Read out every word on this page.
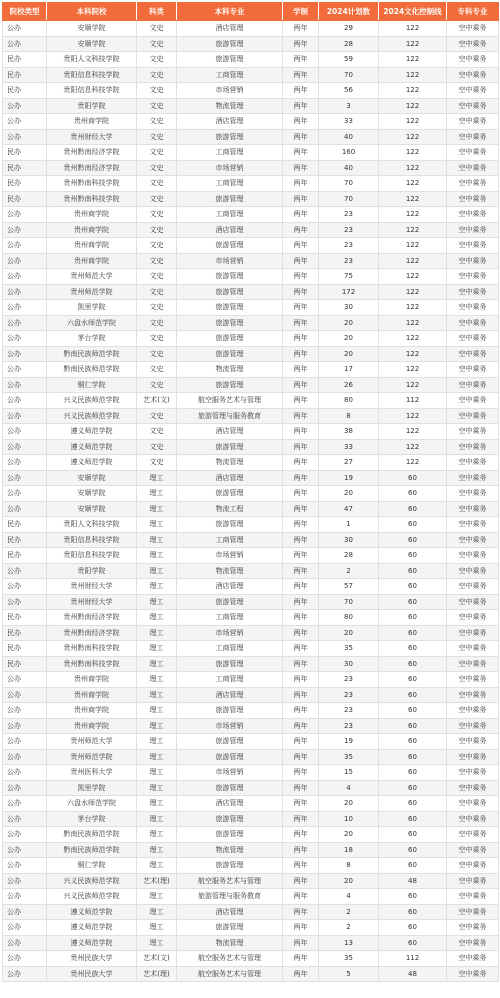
院校类型	本科院校	科类	本科专业	学制	2024计划数	2024文化控制线	专科专业
公办	安顺学院	文史	酒店管理	两年	29	122	空中乘务
公办	安顺学院	文史	旅游管理	两年	28	122	空中乘务
民办	贵阳人文科技学院	文史	旅游管理	两年	59	122	空中乘务
民办	贵阳信息科技学院	文史	工商管理	两年	70	122	空中乘务
民办	贵阳信息科技学院	文史	市场营销	两年	56	122	空中乘务
公办	贵阳学院	文史	物流管理	两年	3	122	空中乘务
公办	贵州商学院	文史	酒店管理	两年	33	122	空中乘务
公办	贵州财经大学	文史	旅游管理	两年	40	122	空中乘务
民办	贵州黔南经济学院	文史	工商管理	两年	160	122	空中乘务
民办	贵州黔南经济学院	文史	市场营销	两年	40	122	空中乘务
民办	贵州黔南科技学院	文史	工商管理	两年	70	122	空中乘务
民办	贵州黔南科技学院	文史	旅游管理	两年	70	122	空中乘务
公办	贵州商学院	文史	工商管理	两年	23	122	空中乘务
公办	贵州商学院	文史	酒店管理	两年	23	122	空中乘务
公办	贵州商学院	文史	旅游管理	两年	23	122	空中乘务
公办	贵州商学院	文史	市场营销	两年	23	122	空中乘务
公办	贵州师范大学	文史	旅游管理	两年	75	122	空中乘务
公办	贵州师范学院	文史	旅游管理	两年	172	122	空中乘务
公办	凯里学院	文史	旅游管理	两年	30	122	空中乘务
公办	六盘水师范学院	文史	旅游管理	两年	20	122	空中乘务
公办	茅台学院	文史	旅游管理	两年	20	122	空中乘务
公办	黔南民族师范学院	文史	旅游管理	两年	20	122	空中乘务
公办	黔南民族师范学院	文史	物流管理	两年	17	122	空中乘务
公办	铜仁学院	文史	旅游管理	两年	26	122	空中乘务
公办	兴义民族师范学院	艺术(文)	航空服务艺术与管理	两年	80	112	空中乘务
公办	兴义民族师范学院	文史	旅游管理与服务教育	两年	8	122	空中乘务
公办	遵义师范学院	文史	酒店管理	两年	38	122	空中乘务
公办	遵义师范学院	文史	旅游管理	两年	33	122	空中乘务
公办	遵义师范学院	文史	物流管理	两年	27	122	空中乘务
公办	安顺学院	理工	酒店管理	两年	19	60	空中乘务
公办	安顺学院	理工	旅游管理	两年	20	60	空中乘务
公办	安顺学院	理工	物流工程	两年	47	60	空中乘务
民办	贵阳人文科技学院	理工	旅游管理	两年	1	60	空中乘务
民办	贵阳信息科技学院	理工	工商管理	两年	30	60	空中乘务
民办	贵阳信息科技学院	理工	市场营销	两年	28	60	空中乘务
公办	贵阳学院	理工	物流管理	两年	2	60	空中乘务
公办	贵州财经大学	理工	酒店管理	两年	57	60	空中乘务
公办	贵州财经大学	理工	旅游管理	两年	70	60	空中乘务
民办	贵州黔南经济学院	理工	工商管理	两年	80	60	空中乘务
民办	贵州黔南经济学院	理工	市场营销	两年	20	60	空中乘务
民办	贵州黔南科技学院	理工	工商管理	两年	35	60	空中乘务
民办	贵州黔南科技学院	理工	旅游管理	两年	30	60	空中乘务
公办	贵州商学院	理工	工商管理	两年	23	60	空中乘务
公办	贵州商学院	理工	酒店管理	两年	23	60	空中乘务
公办	贵州商学院	理工	旅游管理	两年	23	60	空中乘务
公办	贵州商学院	理工	市场营销	两年	23	60	空中乘务
公办	贵州师范大学	理工	旅游管理	两年	19	60	空中乘务
公办	贵州师范学院	理工	旅游管理	两年	35	60	空中乘务
公办	贵州医科大学	理工	市场营销	两年	15	60	空中乘务
公办	凯里学院	理工	旅游管理	两年	4	60	空中乘务
公办	六盘水师范学院	理工	酒店管理	两年	20	60	空中乘务
公办	茅台学院	理工	旅游管理	两年	10	60	空中乘务
公办	黔南民族师范学院	理工	旅游管理	两年	20	60	空中乘务
公办	黔南民族师范学院	理工	物流管理	两年	18	60	空中乘务
公办	铜仁学院	理工	旅游管理	两年	8	60	空中乘务
公办	兴义民族师范学院	艺术(理)	航空服务艺术与管理	两年	20	48	空中乘务
公办	兴义民族师范学院	理工	旅游管理与服务教育	两年	4	60	空中乘务
公办	遵义师范学院	理工	酒店管理	两年	2	60	空中乘务
公办	遵义师范学院	理工	旅游管理	两年	2	60	空中乘务
公办	遵义师范学院	理工	物流管理	两年	13	60	空中乘务
公办	贵州民族大学	艺术(文)	航空服务艺术与管理	两年	35	112	空中乘务
公办	贵州民族大学	艺术(理)	航空服务艺术与管理	两年	5	48	空中乘务
